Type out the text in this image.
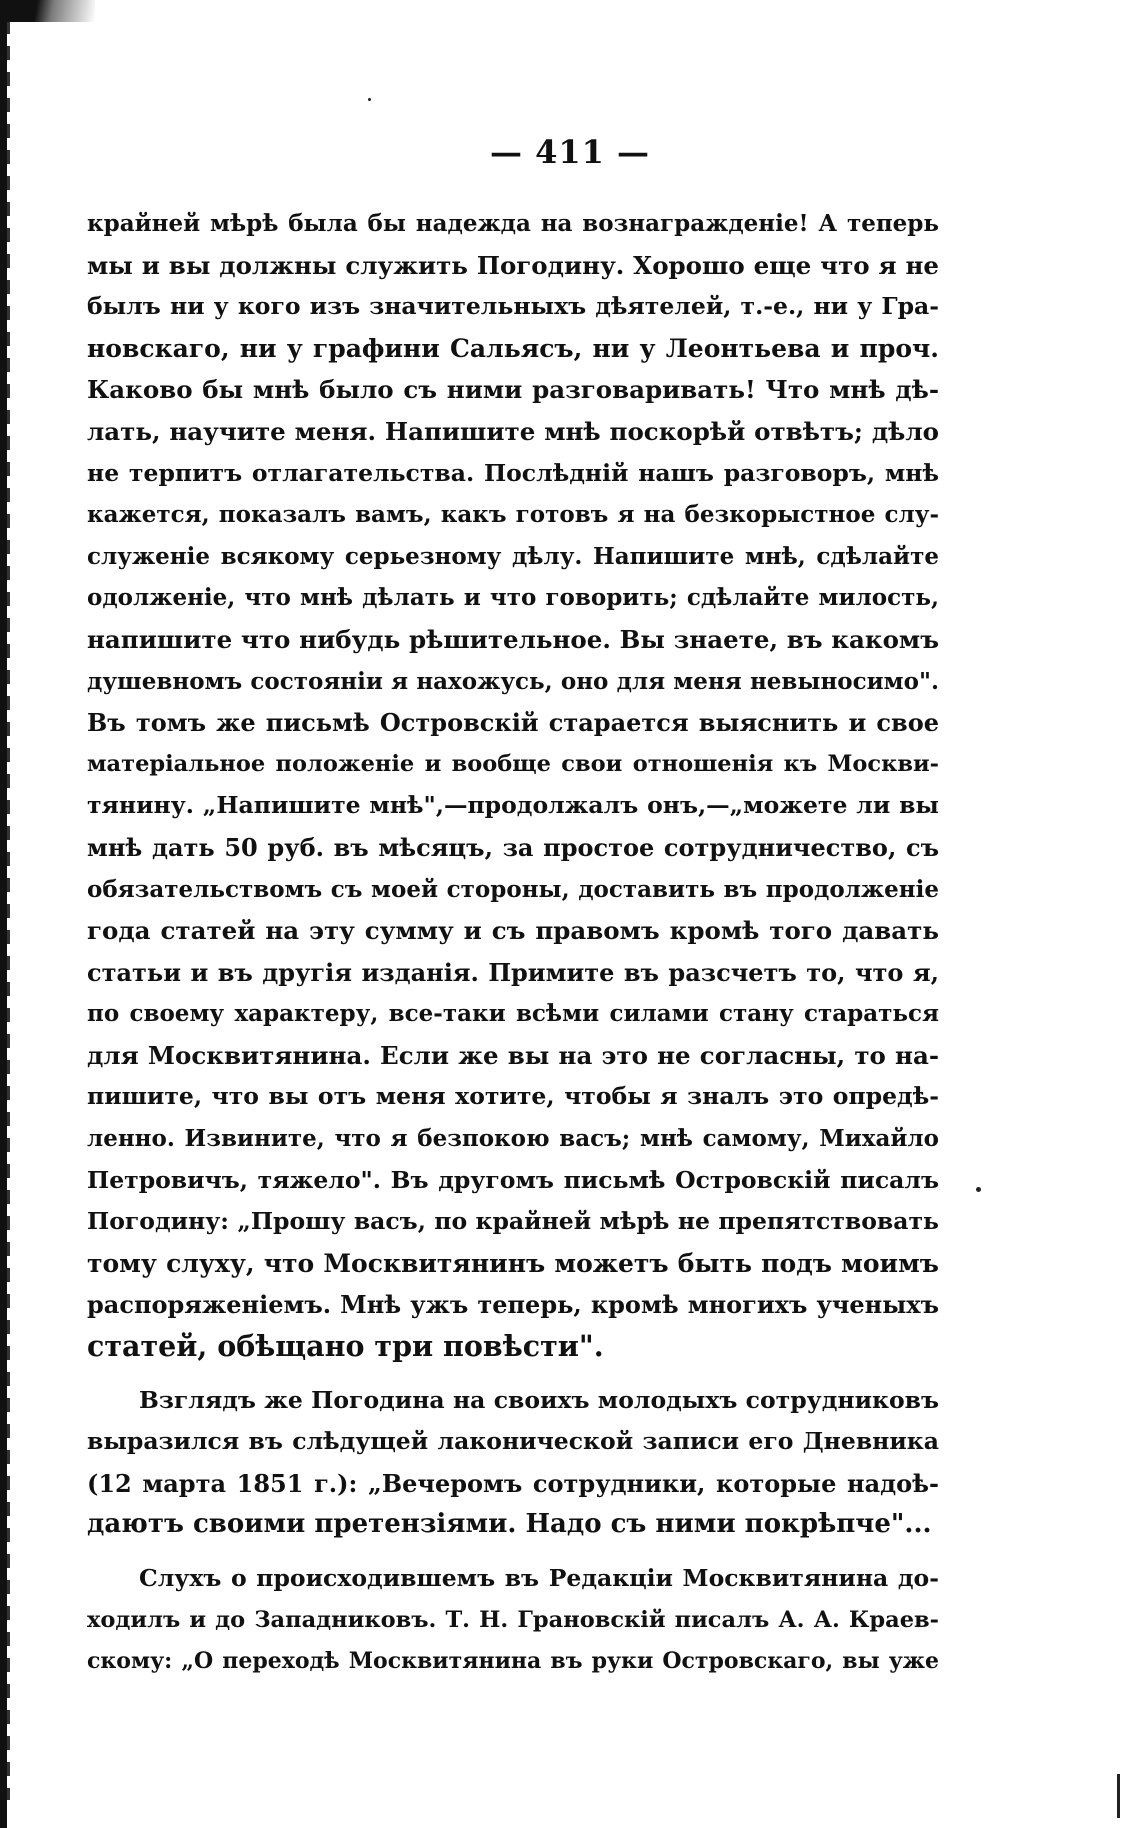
— 411 —
крайней мѣрѣ была бы надежда на вознагражденіе! А теперь
мы и вы должны служить Погодину. Хорошо еще что я не
былъ ни у кого изъ значительныхъ дѣятелей, т.-е., ни у Гра-
новскаго, ни у графини Сальясъ, ни у Леонтьева и проч.
Каково бы мнѣ было съ ними разговаривать! Что мнѣ дѣ-
лать, научите меня. Напишите мнѣ поскорѣй отвѣтъ; дѣло
не терпитъ отлагательства. Послѣдній нашъ разговоръ, мнѣ
кажется, показалъ вамъ, какъ готовъ я на безкорыстное слу-
служеніе всякому серьезному дѣлу. Напишите мнѣ, сдѣлайте
одолженіе, что мнѣ дѣлать и что говорить; сдѣлайте милость,
напишите что нибудь рѣшительное. Вы знаете, въ какомъ
душевномъ состояніи я нахожусь, оно для меня невыносимо".
Въ томъ же письмѣ Островскій старается выяснить и свое
матеріальное положеніе и вообще свои отношенія къ Москви-
тянину. „Напишите мнѣ",—продолжалъ онъ,—„можете ли вы
мнѣ дать 50 руб. въ мѣсяцъ, за простое сотрудничество, съ
обязательствомъ съ моей стороны, доставить въ продолженіе
года статей на эту сумму и съ правомъ кромѣ того давать
статьи и въ другія изданія. Примите въ разсчетъ то, что я,
по своему характеру, все-таки всѣми силами стану стараться
для Москвитянина. Если же вы на это не согласны, то на-
пишите, что вы отъ меня хотите, чтобы я зналъ это опредѣ-
ленно. Извините, что я безпокою васъ; мнѣ самому, Михайло
Петровичъ, тяжело". Въ другомъ письмѣ Островскій писалъ
Погодину: „Прошу васъ, по крайней мѣрѣ не препятствовать
тому слуху, что Москвитянинъ можетъ быть подъ моимъ
распоряженіемъ. Мнѣ ужъ теперь, кромѣ многихъ ученыхъ
статей, обѣщано три повѣсти".
Взглядъ же Погодина на своихъ молодыхъ сотрудниковъ
выразился въ слѣдущей лаконической записи его Дневника
(12 марта 1851 г.): „Вечеромъ сотрудники, которые надоѣ-
даютъ своими претензіями. Надо съ ними покрѣпче"...
Слухъ о происходившемъ въ Редакціи Москвитянина до-
ходилъ и до Западниковъ. Т. Н. Грановскій писалъ А. А. Краев-
скому: „О переходѣ Москвитянина въ руки Островскаго, вы уже
